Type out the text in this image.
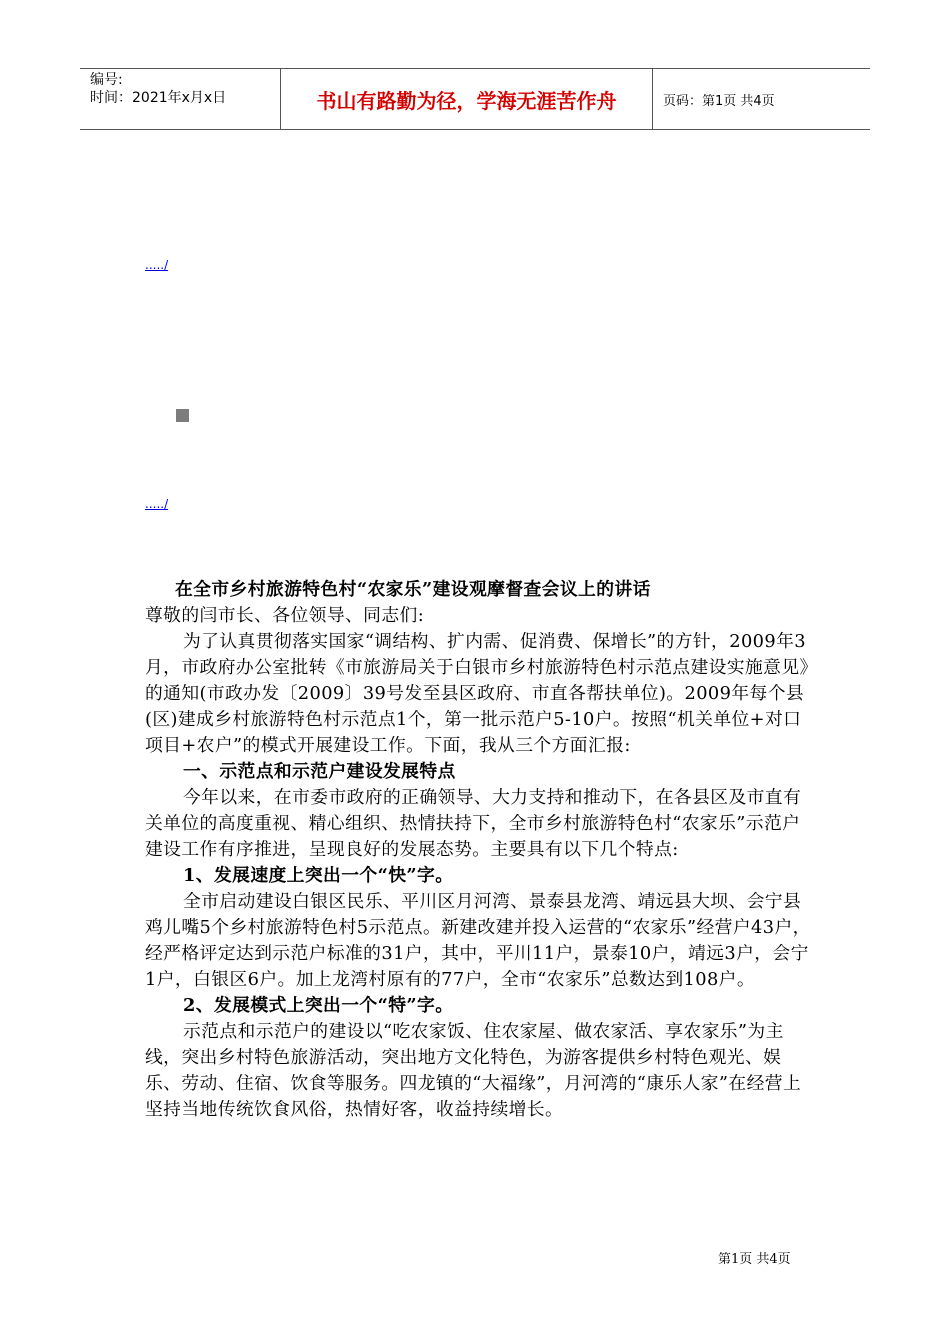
编号:
时间：2021年x月x日	书山有路勤为径，学海无涯苦作舟	页码：第1页 共4页
...../
...../

在全市乡村旅游特色村“农家乐”建设观摩督查会议上的讲话

尊敬的闫市长、各位领导、同志们:

为了认真贯彻落实国家“调结构、扩内需、促消费、保增长”的方针，2009年3月，市政府办公室批转《市旅游局关于白银市乡村旅游特色村示范点建设实施意见》的通知(市政办发〔2009〕39号发至县区政府、市直各帮扶单位)。2009年每个县(区)建成乡村旅游特色村示范点1个，第一批示范户5-10户。按照“机关单位+对口项目+农户”的模式开展建设工作。下面，我从三个方面汇报:

一、示范点和示范户建设发展特点

今年以来，在市委市政府的正确领导、大力支持和推动下，在各县区及市直有关单位的高度重视、精心组织、热情扶持下，全市乡村旅游特色村“农家乐”示范户建设工作有序推进，呈现良好的发展态势。主要具有以下几个特点:

1、发展速度上突出一个“快”字。

全市启动建设白银区民乐、平川区月河湾、景泰县龙湾、靖远县大坝、会宁县鸡儿嘴5个乡村旅游特色村5示范点。新建改建并投入运营的“农家乐”经营户43户，经严格评定达到示范户标准的31户，其中，平川11户，景泰10户，靖远3户，会宁1户，白银区6户。加上龙湾村原有的77户，全市“农家乐”总数达到108户。

2、发展模式上突出一个“特”字。

示范点和示范户的建设以“吃农家饭、住农家屋、做农家活、享农家乐”为主线，突出乡村特色旅游活动，突出地方文化特色，为游客提供乡村特色观光、娱乐、劳动、住宿、饮食等服务。四龙镇的“大福缘”，月河湾的“康乐人家”在经营上坚持当地传统饮食风俗，热情好客，收益持续增长。

第1页 共4页
